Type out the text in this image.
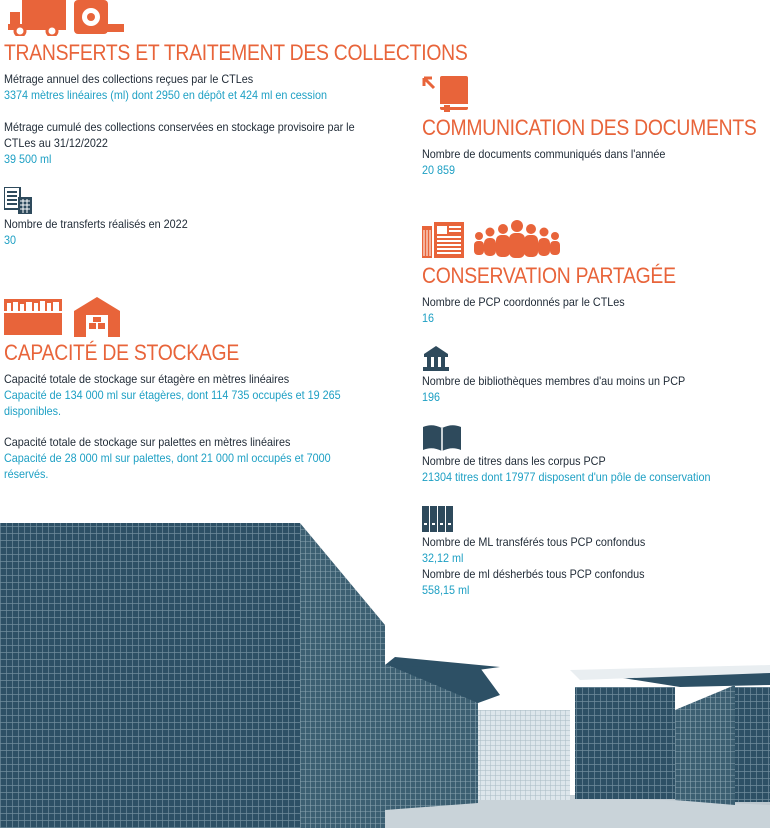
TRANSFERTS ET TRAITEMENT DES COLLECTIONS
Métrage annuel des collections reçues par le CTLes
3374 mètres linéaires (ml) dont 2950 en dépôt et 424 ml en cession
Métrage cumulé des collections conservées en stockage provisoire par le
CTLes au 31/12/2022
39 500 ml
Nombre de transferts réalisés en 2022
30
CAPACITÉ DE STOCKAGE
Capacité totale de stockage sur étagère en mètres linéaires
Capacité de 134 000 ml sur étagères, dont 114 735 occupés et 19 265
disponibles.
Capacité totale de stockage sur palettes en mètres linéaires
Capacité de 28 000 ml sur palettes, dont 21 000 ml occupés et 7000
réservés.
COMMUNICATION DES DOCUMENTS
Nombre de documents communiqués dans l'année
20 859
CONSERVATION PARTAGÉE
Nombre de PCP coordonnés par le CTLes
16
Nombre de bibliothèques membres d'au moins un PCP
196
Nombre de titres dans les corpus PCP
21304 titres dont 17977 disposent d'un pôle de conservation
Nombre de ML transférés tous PCP confondus
32,12 ml
Nombre de ml désherbés tous PCP confondus
558,15 ml
